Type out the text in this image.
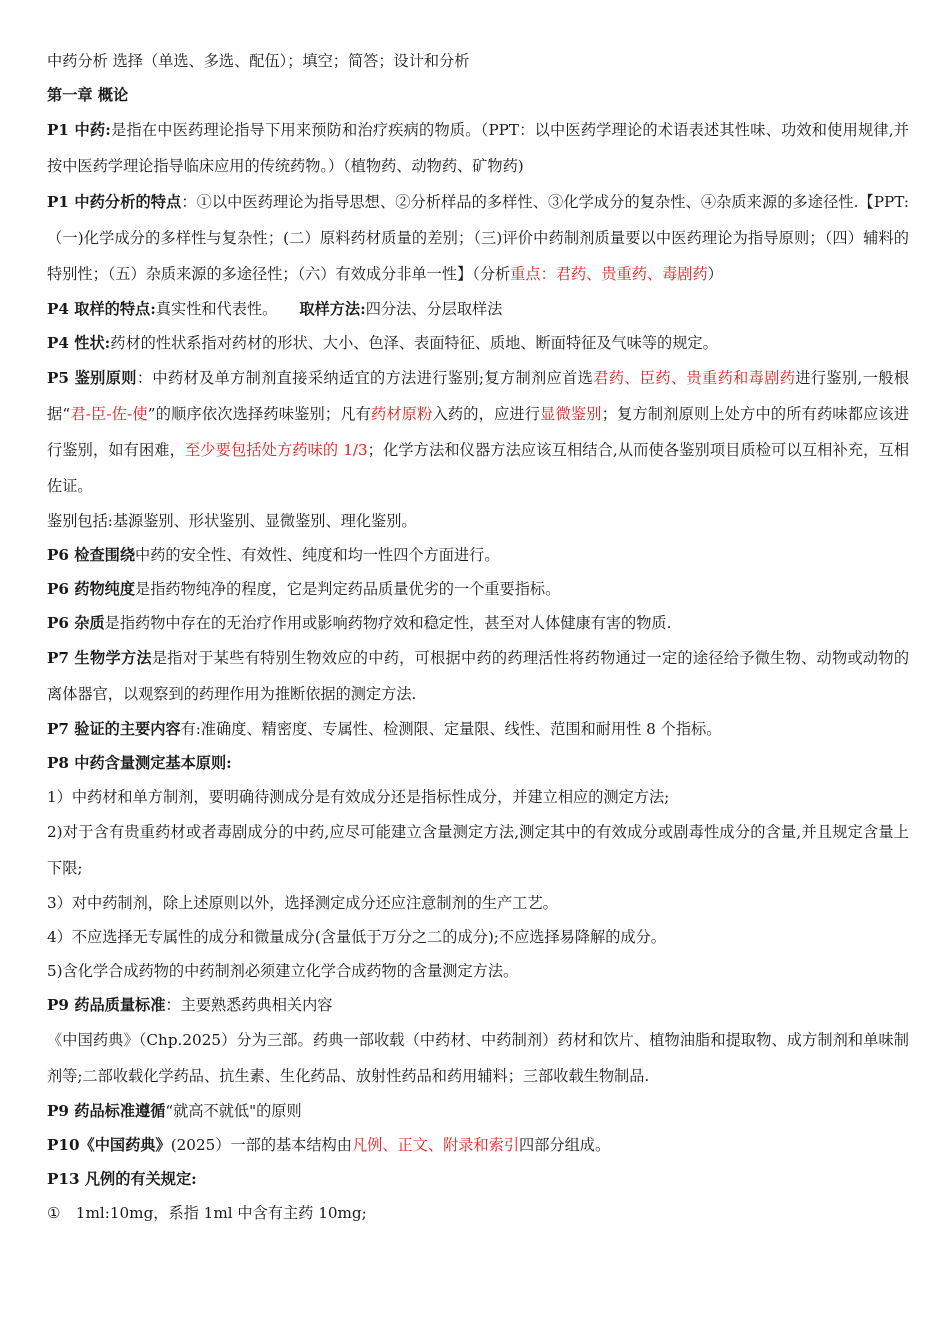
中药分析 选择（单选、多选、配伍）；填空；简答；设计和分析

第一章 概论

P1 中药:是指在中医药理论指导下用来预防和治疗疾病的物质。（PPT：以中医药学理论的术语表述其性味、功效和使用规律,并按中医药学理论指导临床应用的传统药物。）（植物药、动物药、矿物药)

P1 中药分析的特点：①以中医药理论为指导思想、②分析样品的多样性、③化学成分的复杂性、④杂质来源的多途径性.【PPT:（一)化学成分的多样性与复杂性；(二）原料药材质量的差别；（三)评价中药制剂质量要以中医药理论为指导原则；（四）辅料的特别性；（五）杂质来源的多途径性；（六）有效成分非单一性】（分析重点：君药、贵重药、毒剧药）

P4 取样的特点:真实性和代表性。 取样方法:四分法、分层取样法

P4 性状:药材的性状系指对药材的形状、大小、色泽、表面特征、质地、断面特征及气味等的规定。

P5 鉴别原则：中药材及单方制剂直接采纳适宜的方法进行鉴别;复方制剂应首选君药、臣药、贵重药和毒剧药进行鉴别,一般根据“君-臣-佐-使”的顺序依次选择药味鉴别；凡有药材原粉入药的，应进行显微鉴别；复方制剂原则上处方中的所有药味都应该进行鉴别，如有困难，至少要包括处方药味的 1/3；化学方法和仪器方法应该互相结合,从而使各鉴别项目质检可以互相补充，互相佐证。

鉴别包括:基源鉴别、形状鉴别、显微鉴别、理化鉴别。

P6 检查围绕中药的安全性、有效性、纯度和均一性四个方面进行。

P6 药物纯度是指药物纯净的程度，它是判定药品质量优劣的一个重要指标。

P6 杂质是指药物中存在的无治疗作用或影响药物疗效和稳定性，甚至对人体健康有害的物质.

P7 生物学方法是指对于某些有特别生物效应的中药，可根据中药的药理活性将药物通过一定的途径给予微生物、动物或动物的离体器官，以观察到的药理作用为推断依据的测定方法.

P7 验证的主要内容有:准确度、精密度、专属性、检测限、定量限、线性、范围和耐用性 8 个指标。

P8 中药含量测定基本原则:

1）中药材和单方制剂，要明确待测成分是有效成分还是指标性成分，并建立相应的测定方法;

2)对于含有贵重药材或者毒剧成分的中药,应尽可能建立含量测定方法,测定其中的有效成分或剧毒性成分的含量,并且规定含量上下限;

3）对中药制剂，除上述原则以外，选择测定成分还应注意制剂的生产工艺。

4）不应选择无专属性的成分和微量成分(含量低于万分之二的成分);不应选择易降解的成分。

5)含化学合成药物的中药制剂必须建立化学合成药物的含量测定方法。

P9 药品质量标准：主要熟悉药典相关内容

《中国药典》（Chp.2025）分为三部。药典一部收载（中药材、中药制剂）药材和饮片、植物油脂和提取物、成方制剂和单味制剂等;二部收载化学药品、抗生素、生化药品、放射性药品和药用辅料；三部收载生物制品.

P9 药品标准遵循“就高不就低"的原则

P10《中国药典》(2025）一部的基本结构由凡例、正文、附录和索引四部分组成。

P13 凡例的有关规定:

①　1ml:10mg，系指 1ml 中含有主药 10mg;
